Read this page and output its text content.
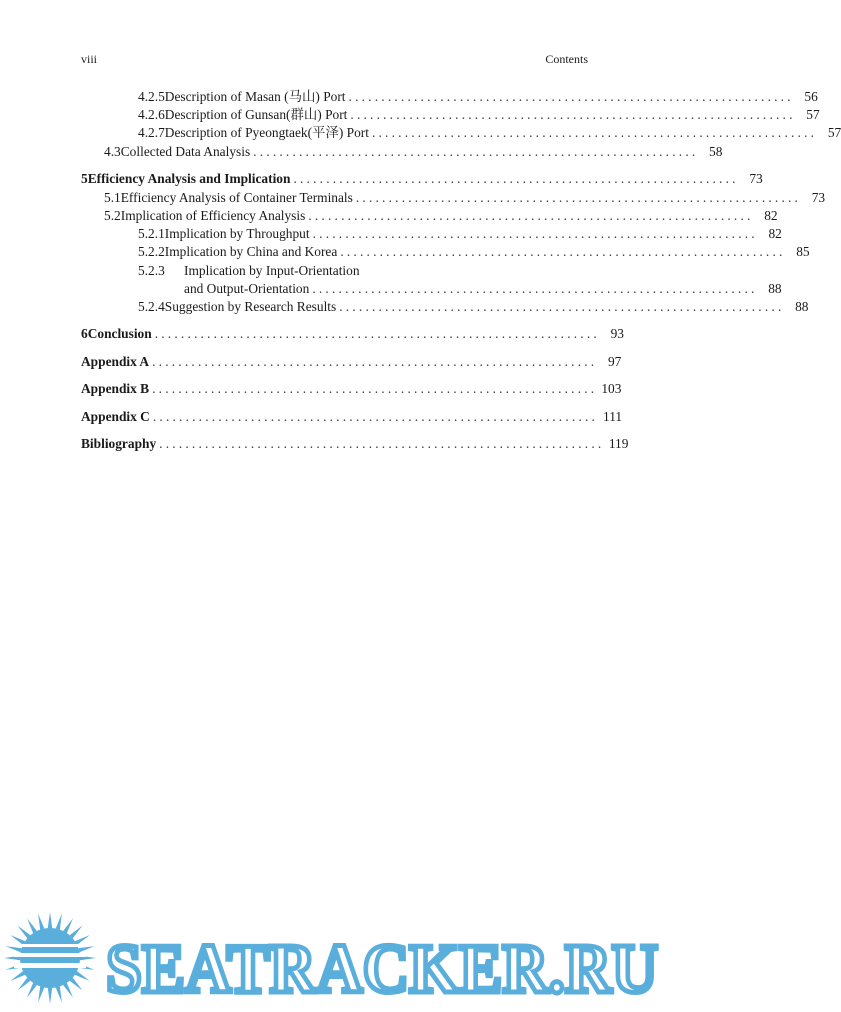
viii	Contents
4.2.5 Description of Masan (马山) Port .................................................................... 56
4.2.6 Description of Gunsan(群山) Port .................................................................... 57
4.2.7 Description of Pyeongtaek(平泽) Port .................................................................... 57
4.3 Collected Data Analysis .................................................................... 58
5 Efficiency Analysis and Implication .................................................................... 73
5.1 Efficiency Analysis of Container Terminals .................................................................... 73
5.2 Implication of Efficiency Analysis .................................................................... 82
5.2.1 Implication by Throughput .................................................................... 82
5.2.2 Implication by China and Korea .................................................................... 85
5.2.3	Implication by Input-Orientation
and Output-Orientation .................................................................... 88
5.2.4 Suggestion by Research Results .................................................................... 88
6 Conclusion .................................................................... 93
Appendix A .................................................................... 97
Appendix B .................................................................... 103
Appendix C .................................................................... 111
Bibliography .................................................................... 119
SEATRACKER.RU
